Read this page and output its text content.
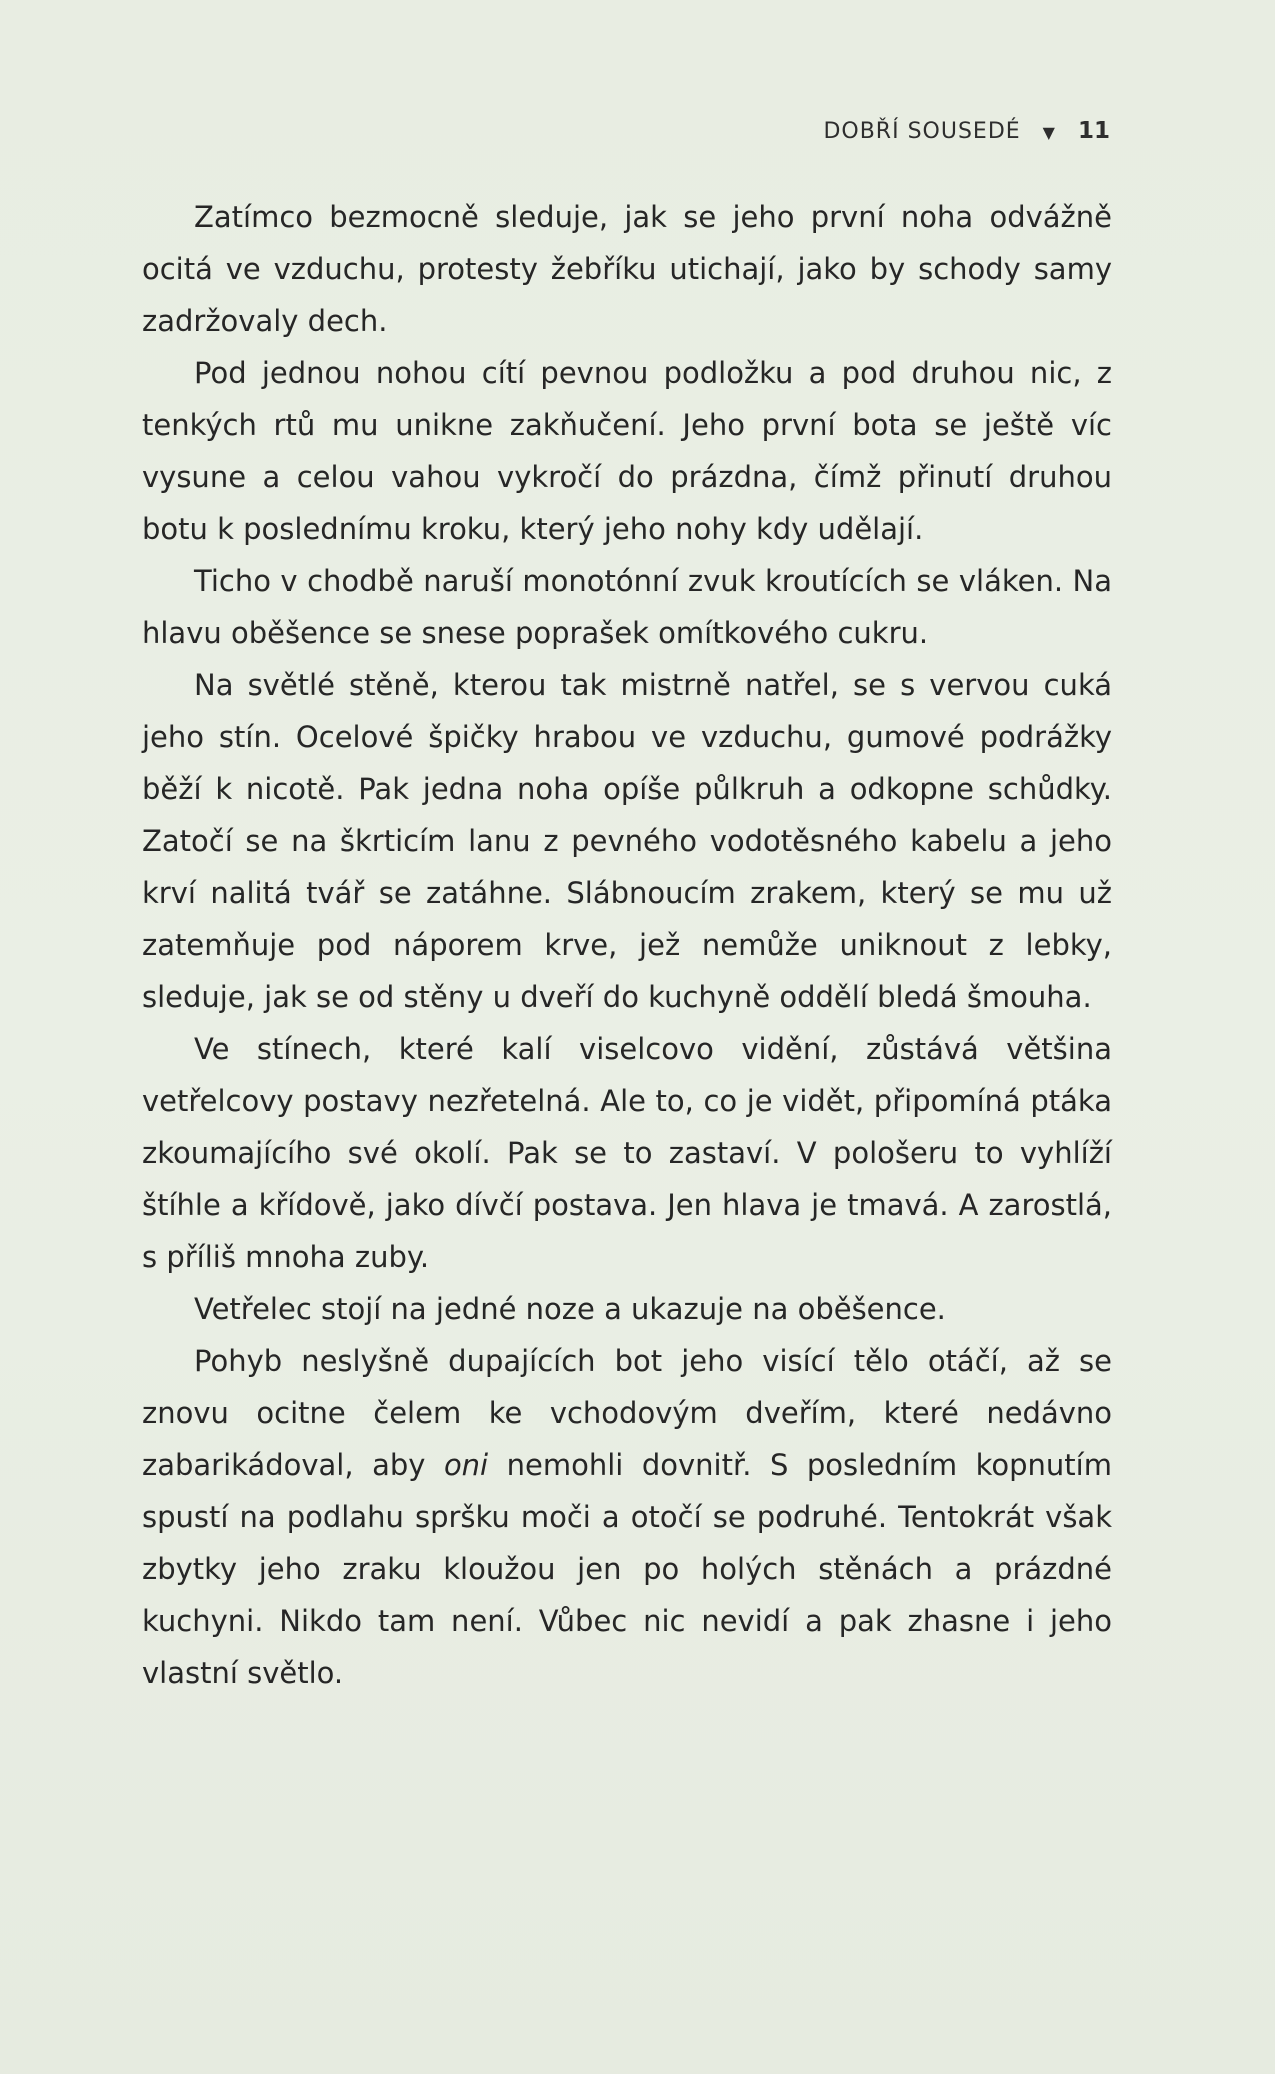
DOBŘÍ SOUSEDÉ ▼ 11

Zatímco bezmocně sleduje, jak se jeho první noha odvážně ocitá ve vzduchu, protesty žebříku utichají, jako by schody samy zadržovaly dech.

Pod jednou nohou cítí pevnou podložku a pod druhou nic, z tenkých rtů mu unikne zakňučení. Jeho první bota se ještě víc vysune a celou vahou vykročí do prázdna, čímž přinutí druhou botu k poslednímu kroku, který jeho nohy kdy udělají.

Ticho v chodbě naruší monotónní zvuk kroutících se vláken. Na hlavu oběšence se snese poprašek omítkového cukru.

Na světlé stěně, kterou tak mistrně natřel, se s vervou cuká jeho stín. Ocelové špičky hrabou ve vzduchu, gumové podrážky běží k nicotě. Pak jedna noha opíše půlkruh a odkopne schůdky. Zatočí se na škrticím lanu z pevného vodotěsného kabelu a jeho krví nalitá tvář se zatáhne. Slábnoucím zrakem, který se mu už zatemňuje pod náporem krve, jež nemůže uniknout z lebky, sleduje, jak se od stěny u dveří do kuchyně oddělí bledá šmouha.

Ve stínech, které kalí viselcovo vidění, zůstává většina vetřelcovy postavy nezřetelná. Ale to, co je vidět, připomíná ptáka zkoumajícího své okolí. Pak se to zastaví. V pološeru to vyhlíží štíhle a křídově, jako dívčí postava. Jen hlava je tmavá. A zarostlá, s příliš mnoha zuby.

Vetřelec stojí na jedné noze a ukazuje na oběšence.

Pohyb neslyšně dupajících bot jeho visící tělo otáčí, až se znovu ocitne čelem ke vchodovým dveřím, které nedávno zabarikádoval, aby oni nemohli dovnitř. S posledním kopnutím spustí na podlahu spršku moči a otočí se podruhé. Tentokrát však zbytky jeho zraku kloužou jen po holých stěnách a prázdné kuchyni. Nikdo tam není. Vůbec nic nevidí a pak zhasne i jeho vlastní světlo.
